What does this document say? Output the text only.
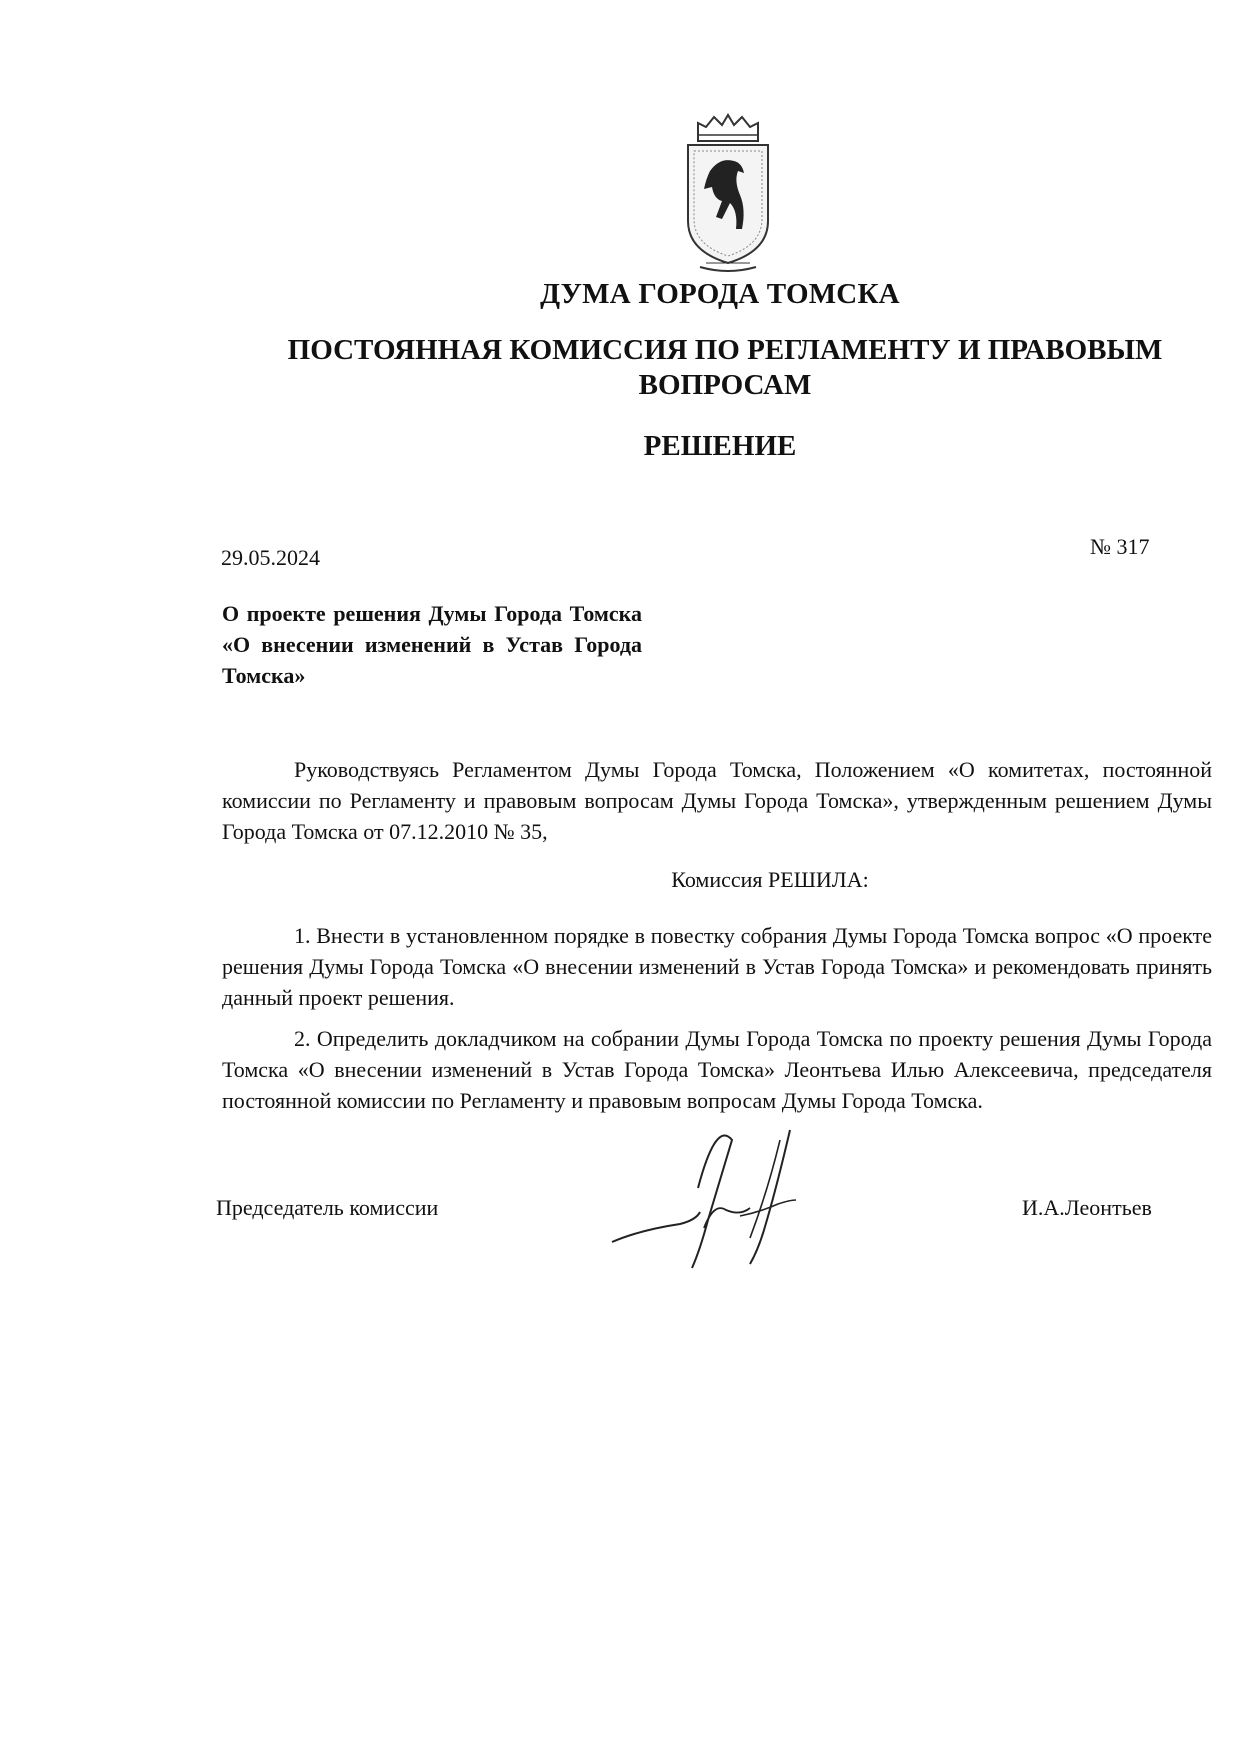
ДУМА ГОРОДА ТОМСКА
ПОСТОЯННАЯ КОМИССИЯ ПО РЕГЛАМЕНТУ И ПРАВОВЫМ ВОПРОСАМ
РЕШЕНИЕ
29.05.2024	№ 317
О проекте решения Думы Города Томска «О внесении изменений в Устав Города Томска»
Руководствуясь Регламентом Думы Города Томска, Положением «О комитетах, постоянной комиссии по Регламенту и правовым вопросам Думы Города Томска», утвержденным решением Думы Города Томска от 07.12.2010 № 35,
Комиссия РЕШИЛА:
1. Внести в установленном порядке в повестку собрания Думы Города Томска вопрос «О проекте решения Думы Города Томска «О внесении изменений в Устав Города Томска» и рекомендовать принять данный проект решения.
2. Определить докладчиком на собрании Думы Города Томска по проекту решения Думы Города Томска «О внесении изменений в Устав Города Томска» Леонтьева Илью Алексеевича, председателя постоянной комиссии по Регламенту и правовым вопросам Думы Города Томска.
Председатель комиссии	И.А.Леонтьев
